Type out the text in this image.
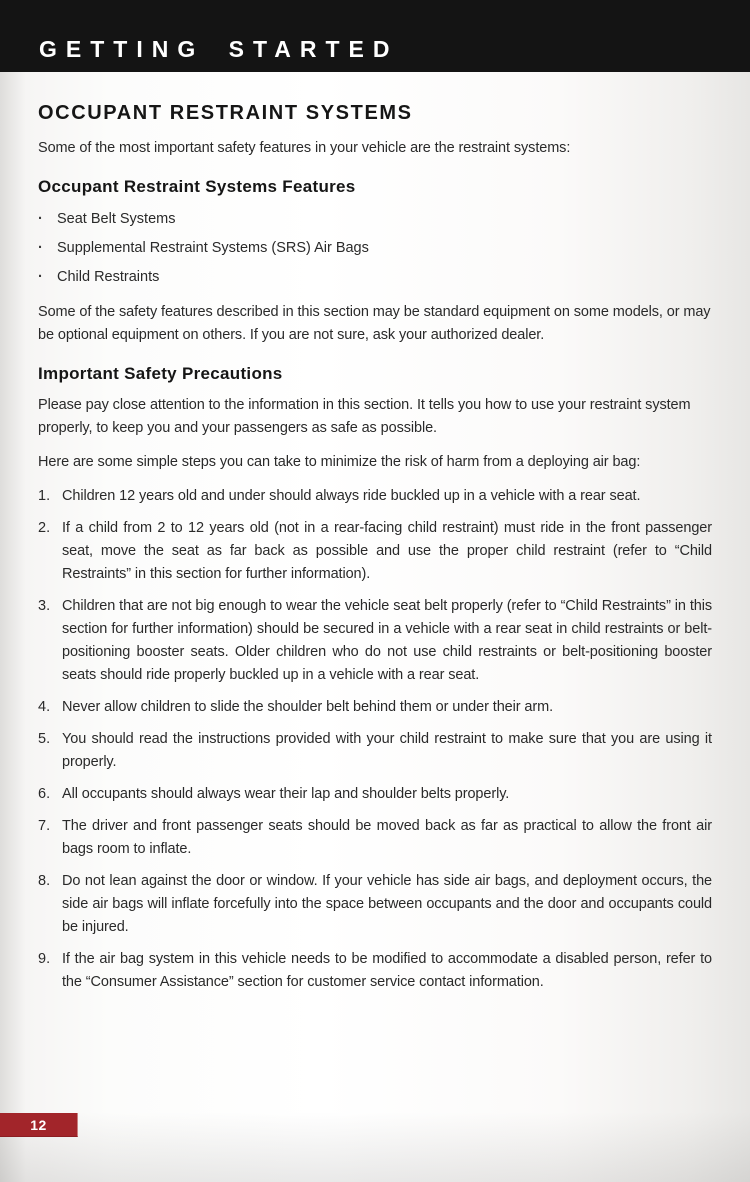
GETTING STARTED
OCCUPANT RESTRAINT SYSTEMS

Some of the most important safety features in your vehicle are the restraint systems:

Occupant Restraint Systems Features
· Seat Belt Systems
· Supplemental Restraint Systems (SRS) Air Bags
· Child Restraints

Some of the safety features described in this section may be standard equipment on some models, or may be optional equipment on others. If you are not sure, ask your authorized dealer.

Important Safety Precautions

Please pay close attention to the information in this section. It tells you how to use your restraint system properly, to keep you and your passengers as safe as possible.

Here are some simple steps you can take to minimize the risk of harm from a deploying air bag:

1. Children 12 years old and under should always ride buckled up in a vehicle with a rear seat.
2. If a child from 2 to 12 years old (not in a rear-facing child restraint) must ride in the front passenger seat, move the seat as far back as possible and use the proper child restraint (refer to “Child Restraints” in this section for further information).
3. Children that are not big enough to wear the vehicle seat belt properly (refer to “Child Restraints” in this section for further information) should be secured in a vehicle with a rear seat in child restraints or belt-positioning booster seats. Older children who do not use child restraints or belt-positioning booster seats should ride properly buckled up in a vehicle with a rear seat.
4. Never allow children to slide the shoulder belt behind them or under their arm.
5. You should read the instructions provided with your child restraint to make sure that you are using it properly.
6. All occupants should always wear their lap and shoulder belts properly.
7. The driver and front passenger seats should be moved back as far as practical to allow the front air bags room to inflate.
8. Do not lean against the door or window. If your vehicle has side air bags, and deployment occurs, the side air bags will inflate forcefully into the space between occupants and the door and occupants could be injured.
9. If the air bag system in this vehicle needs to be modified to accommodate a disabled person, refer to the “Consumer Assistance” section for customer service contact information.
12
